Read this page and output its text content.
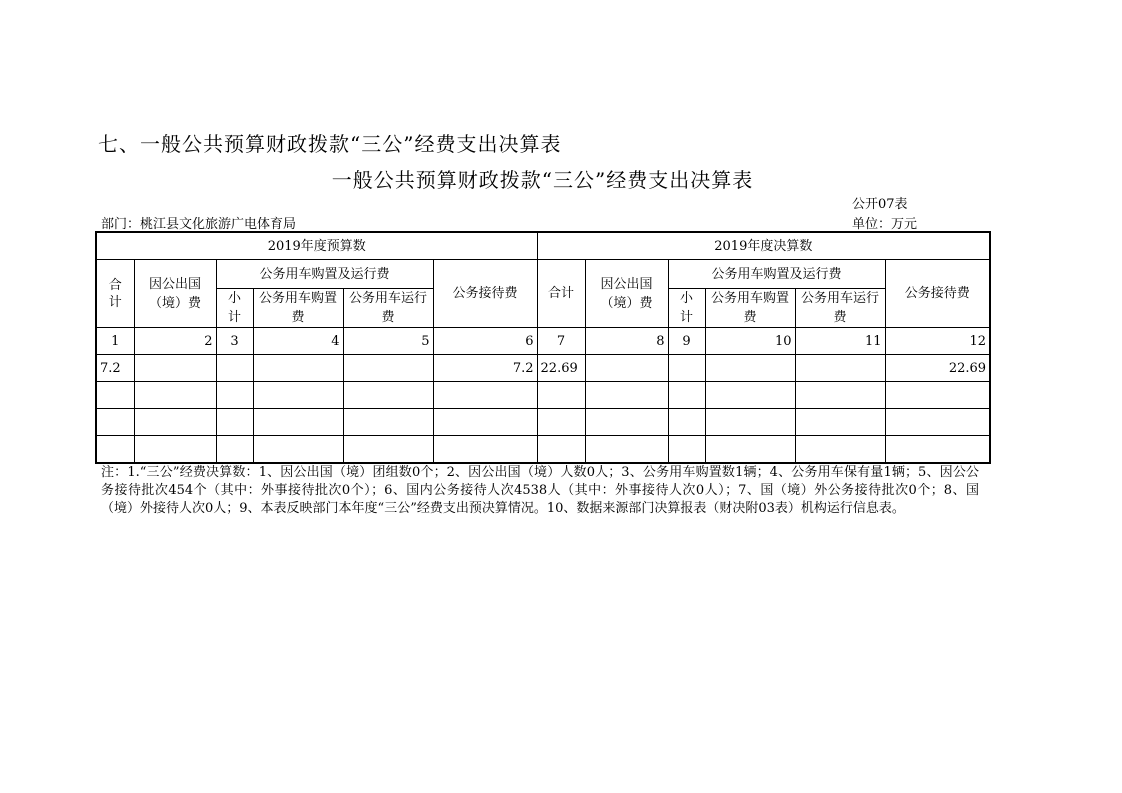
七、一般公共预算财政拨款“三公”经费支出决算表
一般公共预算财政拨款“三公”经费支出决算表
公开07表
部门：桃江县文化旅游广电体育局	单位：万元
2019年度预算数						2019年度决算数					
合 计	因公出国（境）费	公务用车购置及运行费			公务接待费	合计	因公出国（境）费	公务用车购置及运行费			公务接待费
		小计	公务用车购置费	公务用车运行费				小计	公务用车购置费	公务用车运行费	
1	2	3	4	5	6	7	8	9	10	11	12
7.2					7.2	22.69					22.69

注：1.“三公”经费决算数：1、因公出国（境）团组数0个；2、因公出国（境）人数0人；3、公务用车购置数1辆；4、公务用车保有量1辆；5、因公公务接待批次454个（其中：外事接待批次0个）；6、国内公务接待人次4538人（其中：外事接待人次0人）；7、国（境）外公务接待批次0个；8、国（境）外接待人次0人；9、本表反映部门本年度“三公”经费支出预决算情况。10、数据来源部门决算报表（财决附03表）机构运行信息表。
